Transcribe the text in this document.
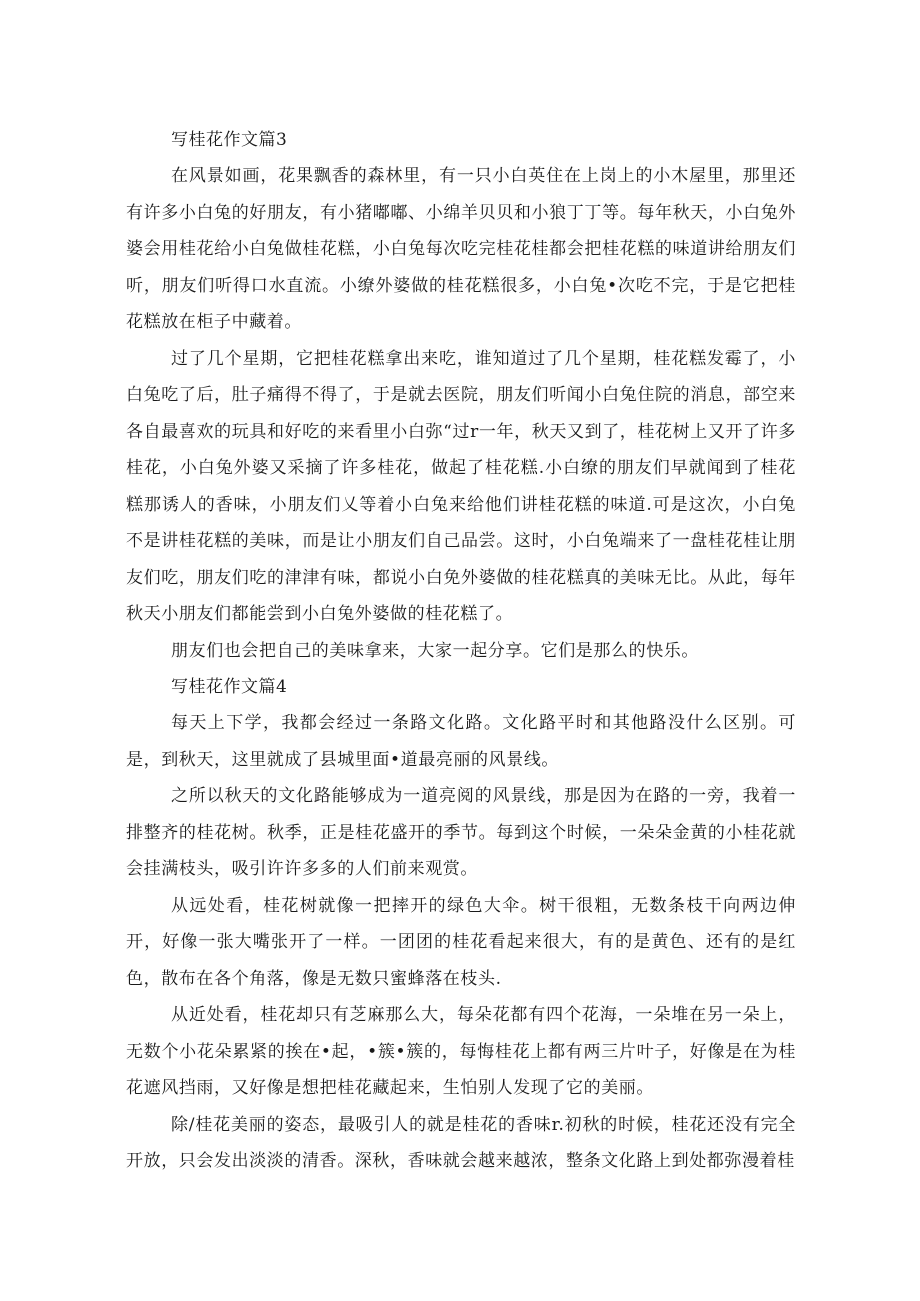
写桂花作文篇3

在风景如画，花果飘香的森林里，有一只小白英住在上岗上的小木屋里，那里还有许多小白兔的好朋友，有小猪嘟嘟、小绵羊贝贝和小狼丁丁等。每年秋天，小白兔外婆会用桂花给小白兔做桂花糕，小白兔每次吃完桂花桂都会把桂花糕的味道讲给朋友们听，朋友们听得口水直流。小缭外婆做的桂花糕很多，小白兔•次吃不完，于是它把桂花糕放在柜子中藏着。

过了几个星期，它把桂花糕拿出来吃，谁知道过了几个星期，桂花糕发霉了，小白兔吃了后，肚子痛得不得了，于是就去医院，朋友们听闻小白兔住院的消息，部空来各自最喜欢的玩具和好吃的来看里小白弥“过r一年，秋天又到了，桂花树上又开了许多桂花，小白兔外婆又采摘了许多桂花，做起了桂花糕.小白缭的朋友们早就闻到了桂花糕那诱人的香味，小朋友们乂等着小白兔来给他们讲桂花糕的味道.可是这次，小白兔不是讲桂花糕的美味，而是让小朋友们自己品尝。这时，小白兔端来了一盘桂花桂让朋友们吃，朋友们吃的津津有味，都说小白免外婆做的桂花糕真的美味无比。从此，每年秋天小朋友们都能尝到小白兔外婆做的桂花糕了。

朋友们也会把自己的美味拿来，大家一起分享。它们是那么的快乐。

写桂花作文篇4

每天上下学，我都会经过一条路文化路。文化路平时和其他路没什么区别。可是，到秋天，这里就成了县城里面•道最亮丽的风景线。

之所以秋天的文化路能够成为一道亮阅的风景线，那是因为在路的一旁，我着一排整齐的桂花树。秋季，正是桂花盛开的季节。每到这个时候，一朵朵金黄的小桂花就会挂满枝头，吸引许许多多的人们前来观赏。

从远处看，桂花树就像一把摔开的绿色大伞。树干很粗，无数条枝干向两边伸开，好像一张大嘴张开了一样。一团团的桂花看起来很大，有的是黄色、还有的是红色，散布在各个角落，像是无数只蜜蜂落在枝头.

从近处看，桂花却只有芝麻那么大，每朵花都有四个花海，一朵堆在另一朵上，无数个小花朵累紧的挨在•起，•簇•簇的，每悔桂花上都有两三片叶子，好像是在为桂花遮风挡雨，又好像是想把桂花藏起来，生怕别人发现了它的美丽。

除/桂花美丽的姿态，最吸引人的就是桂花的香味r.初秋的时候，桂花还没有完全开放，只会发出淡淡的清香。深秋，香味就会越来越浓，整条文化路上到处都弥漫着桂
